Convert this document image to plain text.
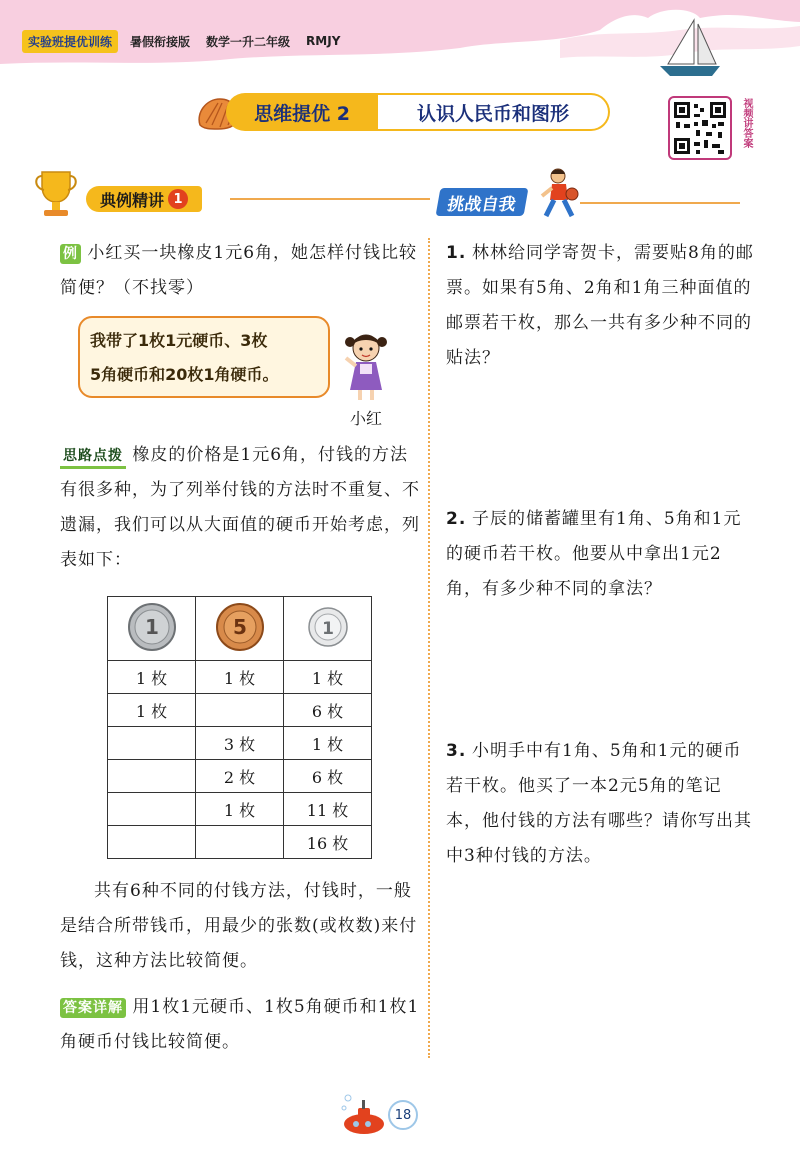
实验班提优训练	暑假衔接版 数学一升二年级 RMJY
思维提优 2	认识人民币和图形	视频讲答案
典例精讲 1	挑战自我
例 小红买一块橡皮1元6角，她怎样付钱比较简便？（不找零）
我带了1枚1元硬币、3枚
5角硬币和20枚1角硬币。
小红
思路点拨 橡皮的价格是1元6角，付钱的方法有很多种，为了列举付钱的方法时不重复、不遗漏，我们可以从大面值的硬币开始考虑，列表如下：
1	5	1

1 枚	1 枚	1 枚
1 枚		6 枚
	3 枚	1 枚
	2 枚	6 枚
	1 枚	11 枚
		16 枚
共有6种不同的付钱方法，付钱时，一般是结合所带钱币，用最少的张数(或枚数)来付钱，这种方法比较简便。
答案详解 用1枚1元硬币、1枚5角硬币和1枚1角硬币付钱比较简便。
1. 林林给同学寄贺卡，需要贴8角的邮票。如果有5角、2角和1角三种面值的邮票若干枚，那么一共有多少种不同的贴法？
2. 子辰的储蓄罐里有1角、5角和1元的硬币若干枚。他要从中拿出1元2角，有多少种不同的拿法？
3. 小明手中有1角、5角和1元的硬币若干枚。他买了一本2元5角的笔记本，他付钱的方法有哪些？请你写出其中3种付钱的方法。
18
